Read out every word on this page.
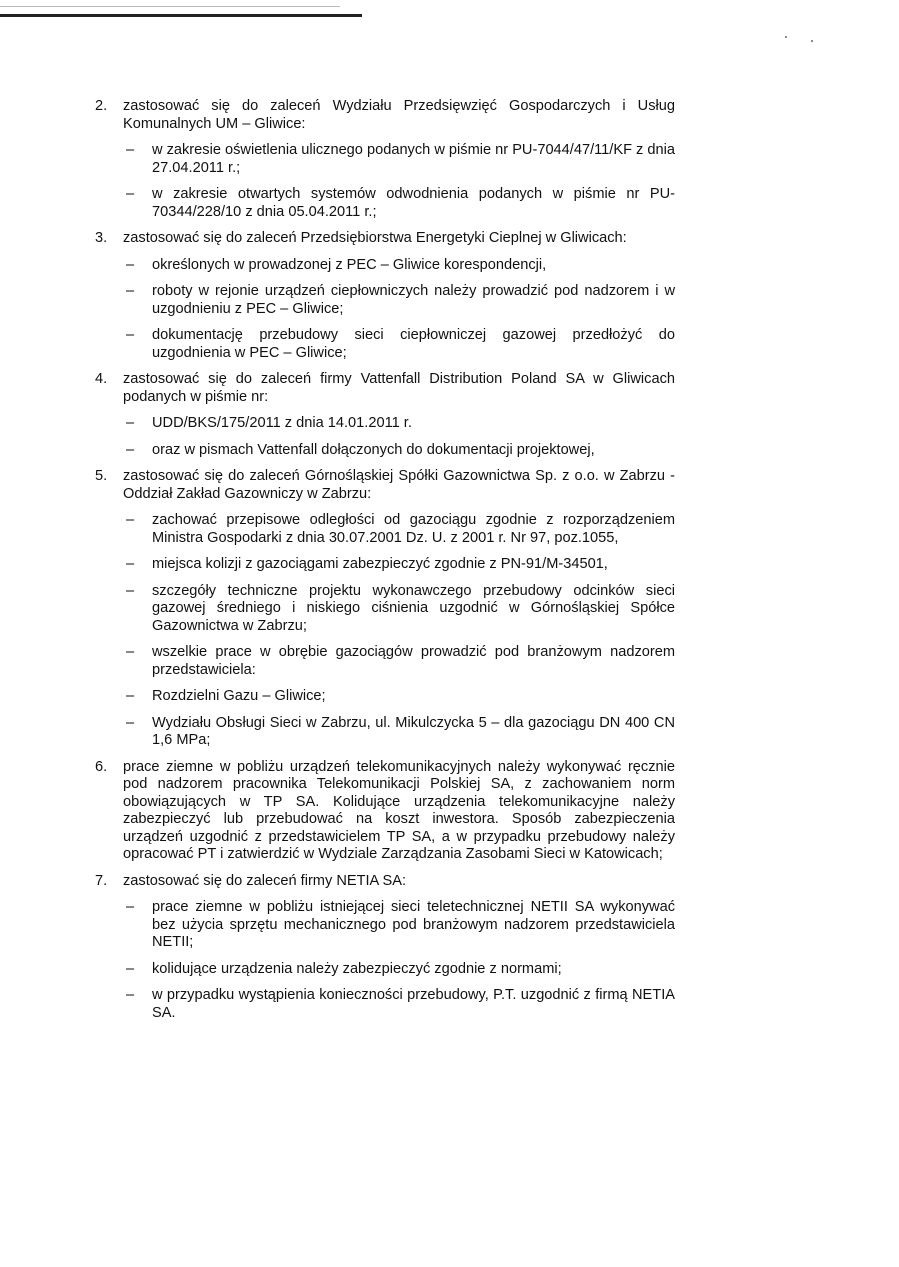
2.	zastosować się do zaleceń Wydziału Przedsięwzięć Gospodarczych i Usług Komunalnych UM – Gliwice:
– w zakresie oświetlenia ulicznego podanych w piśmie nr PU-7044/47/11/KF z dnia 27.04.2011 r.;
– w zakresie otwartych systemów odwodnienia podanych w piśmie nr PU-70344/228/10 z dnia 05.04.2011 r.;
3.	zastosować się do zaleceń Przedsiębiorstwa Energetyki Cieplnej w Gliwicach:
– określonych w prowadzonej z PEC – Gliwice korespondencji,
– roboty w rejonie urządzeń ciepłowniczych należy prowadzić pod nadzorem i w uzgodnieniu z PEC – Gliwice;
– dokumentację przebudowy sieci ciepłowniczej gazowej przedłożyć do uzgodnienia w PEC – Gliwice;
4.	zastosować się do zaleceń firmy Vattenfall Distribution Poland SA w Gliwicach podanych w piśmie nr:
– UDD/BKS/175/2011 z dnia 14.01.2011 r.
– oraz w pismach Vattenfall dołączonych do dokumentacji projektowej,
5.	zastosować się do zaleceń Górnośląskiej Spółki Gazownictwa Sp. z o.o. w Zabrzu - Oddział Zakład Gazowniczy w Zabrzu:
– zachować przepisowe odległości od gazociągu zgodnie z rozporządzeniem Ministra Gospodarki z dnia 30.07.2001 Dz. U. z 2001 r. Nr 97, poz.1055,
– miejsca kolizji z gazociągami zabezpieczyć zgodnie z PN-91/M-34501,
– szczegóły techniczne projektu wykonawczego przebudowy odcinków sieci gazowej średniego i niskiego ciśnienia uzgodnić w Górnośląskiej Spółce Gazownictwa w Zabrzu;
– wszelkie prace w obrębie gazociągów prowadzić pod branżowym nadzorem przedstawiciela:
– Rozdzielni Gazu – Gliwice;
– Wydziału Obsługi Sieci w Zabrzu, ul. Mikulczycka 5 – dla gazociągu DN 400 CN 1,6 MPa;
6.	prace ziemne w pobliżu urządzeń telekomunikacyjnych należy wykonywać ręcznie pod nadzorem pracownika Telekomunikacji Polskiej SA, z zachowaniem norm obowiązujących w TP SA. Kolidujące urządzenia telekomunikacyjne należy zabezpieczyć lub przebudować na koszt inwestora. Sposób zabezpieczenia urządzeń uzgodnić z przedstawicielem TP SA, a w przypadku przebudowy należy opracować PT i zatwierdzić w Wydziale Zarządzania Zasobami Sieci w Katowicach;
7.	zastosować się do zaleceń firmy NETIA SA:
– prace ziemne w pobliżu istniejącej sieci teletechnicznej NETII SA wykonywać bez użycia sprzętu mechanicznego pod branżowym nadzorem przedstawiciela NETII;
– kolidujące urządzenia należy zabezpieczyć zgodnie z normami;
– w przypadku wystąpienia konieczności przebudowy, P.T. uzgodnić z firmą NETIA SA.
